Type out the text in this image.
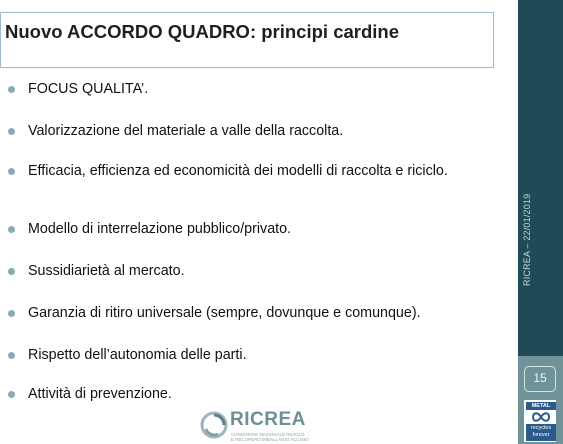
Nuovo ACCORDO QUADRO: principi cardine
FOCUS QUALITA’.
Valorizzazione del materiale a valle della raccolta.
Efficacia, efficienza ed economicità dei modelli di raccolta e riciclo.
Modello di interrelazione pubblico/privato.
Sussidiarietà al mercato.
Garanzia di ritiro universale (sempre, dovunque e comunque).
Rispetto dell’autonomia delle parti.
Attività di prevenzione.
RICREA
CONSORZIO NAZIONALE RICICLO
E RECUPERO IMBALLAGGI ACCIAIO
RICREA – 22/01/2019
15
METAL
recycles
forever
